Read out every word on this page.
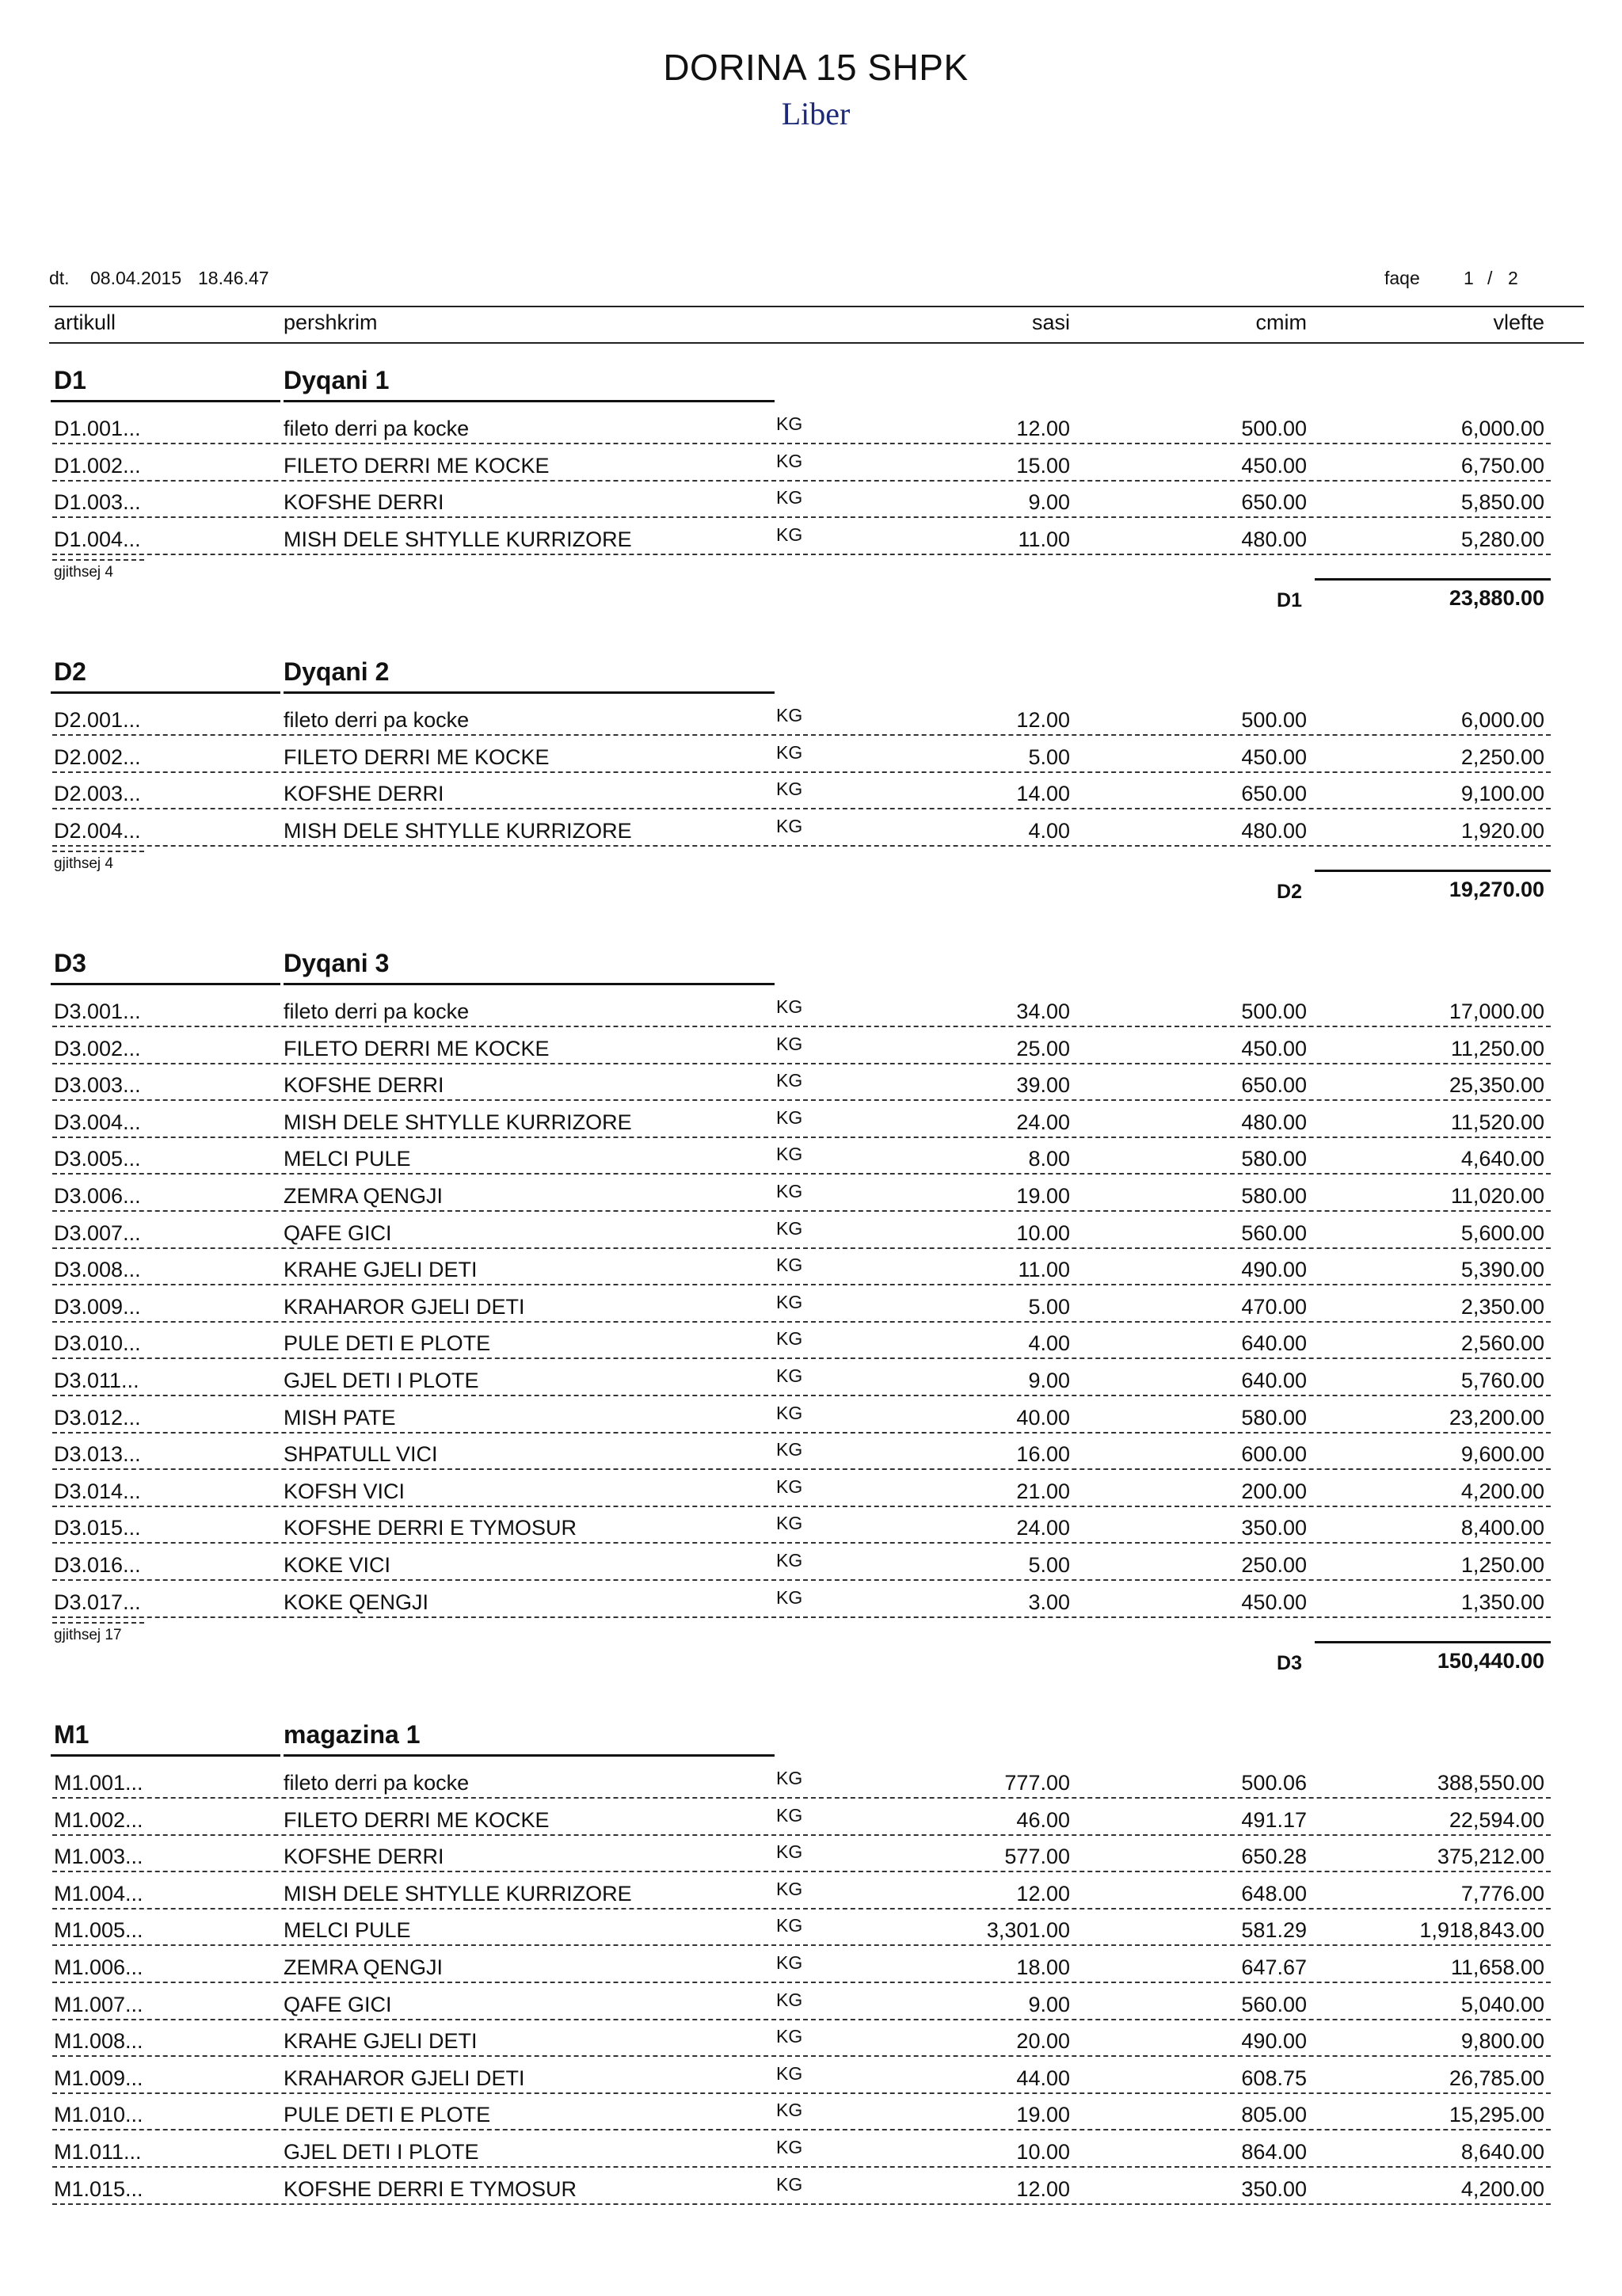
DORINA 15 SHPK
Liber
dt. 08.04.2015 18.46.47	faqe 1 / 2
artikull	pershkrim	sasi	cmim	vlefte
D1	Dyqani 1
D1.001...	fileto derri pa kocke	KG	12.00	500.00	6,000.00
D1.002...	FILETO DERRI ME KOCKE	KG	15.00	450.00	6,750.00
D1.003...	KOFSHE DERRI	KG	9.00	650.00	5,850.00
D1.004...	MISH DELE SHTYLLE KURRIZORE	KG	11.00	480.00	5,280.00
gjithsej 4
D1	23,880.00
D2	Dyqani 2
D2.001...	fileto derri pa kocke	KG	12.00	500.00	6,000.00
D2.002...	FILETO DERRI ME KOCKE	KG	5.00	450.00	2,250.00
D2.003...	KOFSHE DERRI	KG	14.00	650.00	9,100.00
D2.004...	MISH DELE SHTYLLE KURRIZORE	KG	4.00	480.00	1,920.00
gjithsej 4
D2	19,270.00
D3	Dyqani 3
D3.001...	fileto derri pa kocke	KG	34.00	500.00	17,000.00
D3.002...	FILETO DERRI ME KOCKE	KG	25.00	450.00	11,250.00
D3.003...	KOFSHE DERRI	KG	39.00	650.00	25,350.00
D3.004...	MISH DELE SHTYLLE KURRIZORE	KG	24.00	480.00	11,520.00
D3.005...	MELCI PULE	KG	8.00	580.00	4,640.00
D3.006...	ZEMRA QENGJI	KG	19.00	580.00	11,020.00
D3.007...	QAFE GICI	KG	10.00	560.00	5,600.00
D3.008...	KRAHE GJELI DETI	KG	11.00	490.00	5,390.00
D3.009...	KRAHAROR GJELI DETI	KG	5.00	470.00	2,350.00
D3.010...	PULE DETI E PLOTE	KG	4.00	640.00	2,560.00
D3.011...	GJEL DETI I PLOTE	KG	9.00	640.00	5,760.00
D3.012...	MISH PATE	KG	40.00	580.00	23,200.00
D3.013...	SHPATULL VICI	KG	16.00	600.00	9,600.00
D3.014...	KOFSH VICI	KG	21.00	200.00	4,200.00
D3.015...	KOFSHE DERRI E TYMOSUR	KG	24.00	350.00	8,400.00
D3.016...	KOKE VICI	KG	5.00	250.00	1,250.00
D3.017...	KOKE QENGJI	KG	3.00	450.00	1,350.00
gjithsej 17
D3	150,440.00
M1	magazina 1
M1.001...	fileto derri pa kocke	KG	777.00	500.06	388,550.00
M1.002...	FILETO DERRI ME KOCKE	KG	46.00	491.17	22,594.00
M1.003...	KOFSHE DERRI	KG	577.00	650.28	375,212.00
M1.004...	MISH DELE SHTYLLE KURRIZORE	KG	12.00	648.00	7,776.00
M1.005...	MELCI PULE	KG	3,301.00	581.29	1,918,843.00
M1.006...	ZEMRA QENGJI	KG	18.00	647.67	11,658.00
M1.007...	QAFE GICI	KG	9.00	560.00	5,040.00
M1.008...	KRAHE GJELI DETI	KG	20.00	490.00	9,800.00
M1.009...	KRAHAROR GJELI DETI	KG	44.00	608.75	26,785.00
M1.010...	PULE DETI E PLOTE	KG	19.00	805.00	15,295.00
M1.011...	GJEL DETI I PLOTE	KG	10.00	864.00	8,640.00
M1.015...	KOFSHE DERRI E TYMOSUR	KG	12.00	350.00	4,200.00
